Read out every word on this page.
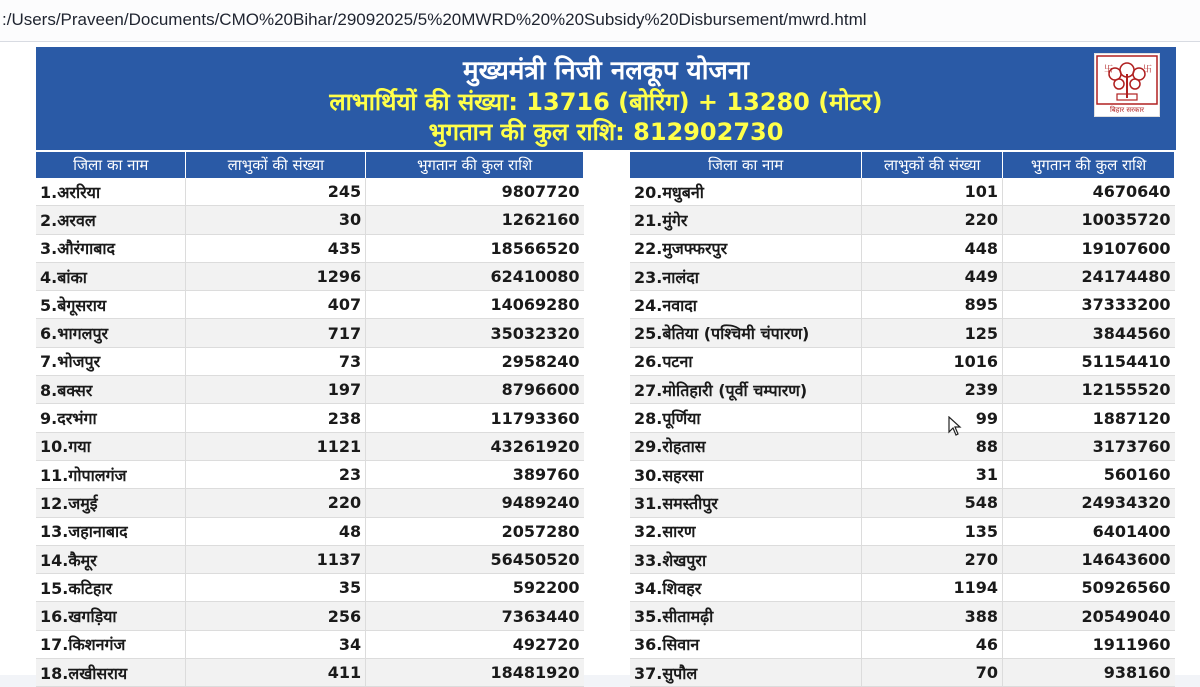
:/Users/Praveen/Documents/CMO%20Bihar/29092025/5%20MWRD%20%20Subsidy%20Disbursement/mwrd.html
मुख्यमंत्री निजी नलकूप योजना
लाभार्थियों की संख्या: 13716 (बोरिंग) + 13280 (मोटर)
भुगतान की कुल राशि: 812902730
जिला का नाम	लाभुकों की संख्या	भुगतान की कुल राशि
1.अररिया	245	9807720
2.अरवल	30	1262160
3.औरंगाबाद	435	18566520
4.बांका	1296	62410080
5.बेगूसराय	407	14069280
6.भागलपुर	717	35032320
7.भोजपुर	73	2958240
8.बक्सर	197	8796600
9.दरभंगा	238	11793360
10.गया	1121	43261920
11.गोपालगंज	23	389760
12.जमुई	220	9489240
13.जहानाबाद	48	2057280
14.कैमूर	1137	56450520
15.कटिहार	35	592200
16.खगड़िया	256	7363440
17.किशनगंज	34	492720
18.लखीसराय	411	18481920
जिला का नाम	लाभुकों की संख्या	भुगतान की कुल राशि
20.मधुबनी	101	4670640
21.मुंगेर	220	10035720
22.मुजफ्फरपुर	448	19107600
23.नालंदा	449	24174480
24.नवादा	895	37333200
25.बेतिया (पश्चिमी चंपारण)	125	3844560
26.पटना	1016	51154410
27.मोतिहारी (पूर्वी चम्पारण)	239	12155520
28.पूर्णिया	99	1887120
29.रोहतास	88	3173760
30.सहरसा	31	560160
31.समस्तीपुर	548	24934320
32.सारण	135	6401400
33.शेखपुरा	270	14643600
34.शिवहर	1194	50926560
35.सीतामढ़ी	388	20549040
36.सिवान	46	1911960
37.सुपौल	70	938160
卐	卐
बिहार सरकार
